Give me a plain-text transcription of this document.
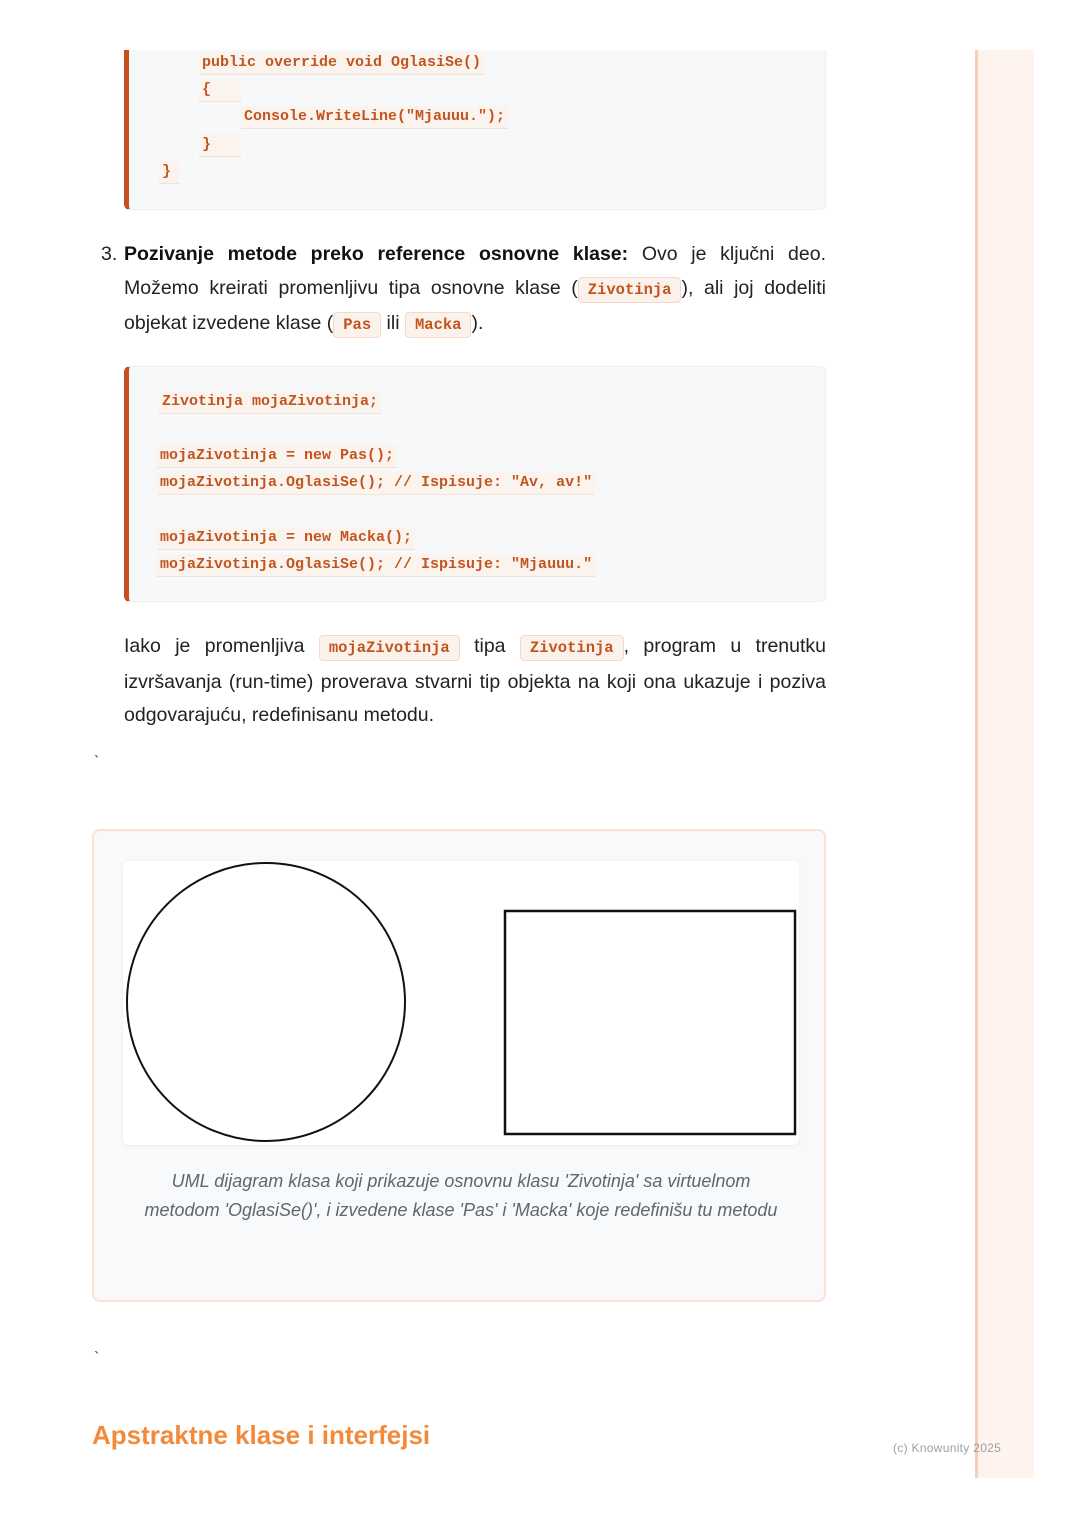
public override void OglasiSe()
{
Console.WriteLine("Mjauuu.");
}
}
3. Pozivanje metode preko reference osnovne klase: Ovo je ključni deo. Možemo kreirati promenljivu tipa osnovne klase ( Zivotinja ), ali joj dodeliti objekat izvedene klase ( Pas ili Macka ).
Zivotinja mojaZivotinja;
mojaZivotinja = new Pas();
mojaZivotinja.OglasiSe(); // Ispisuje: "Av, av!"
mojaZivotinja = new Macka();
mojaZivotinja.OglasiSe(); // Ispisuje: "Mjauuu."
Iako je promenljiva mojaZivotinja tipa Zivotinja , program u trenutku izvršavanja (run-time) proverava stvarni tip objekta na koji ona ukazuje i poziva odgovarajuću, redefinisanu metodu.
`
UML dijagram klasa koji prikazuje osnovnu klasu 'Zivotinja' sa virtuelnom metodom 'OglasiSe()', i izvedene klase 'Pas' i 'Macka' koje redefinišu tu metodu
`
Apstraktne klase i interfejsi	(c) Knowunity 2025
